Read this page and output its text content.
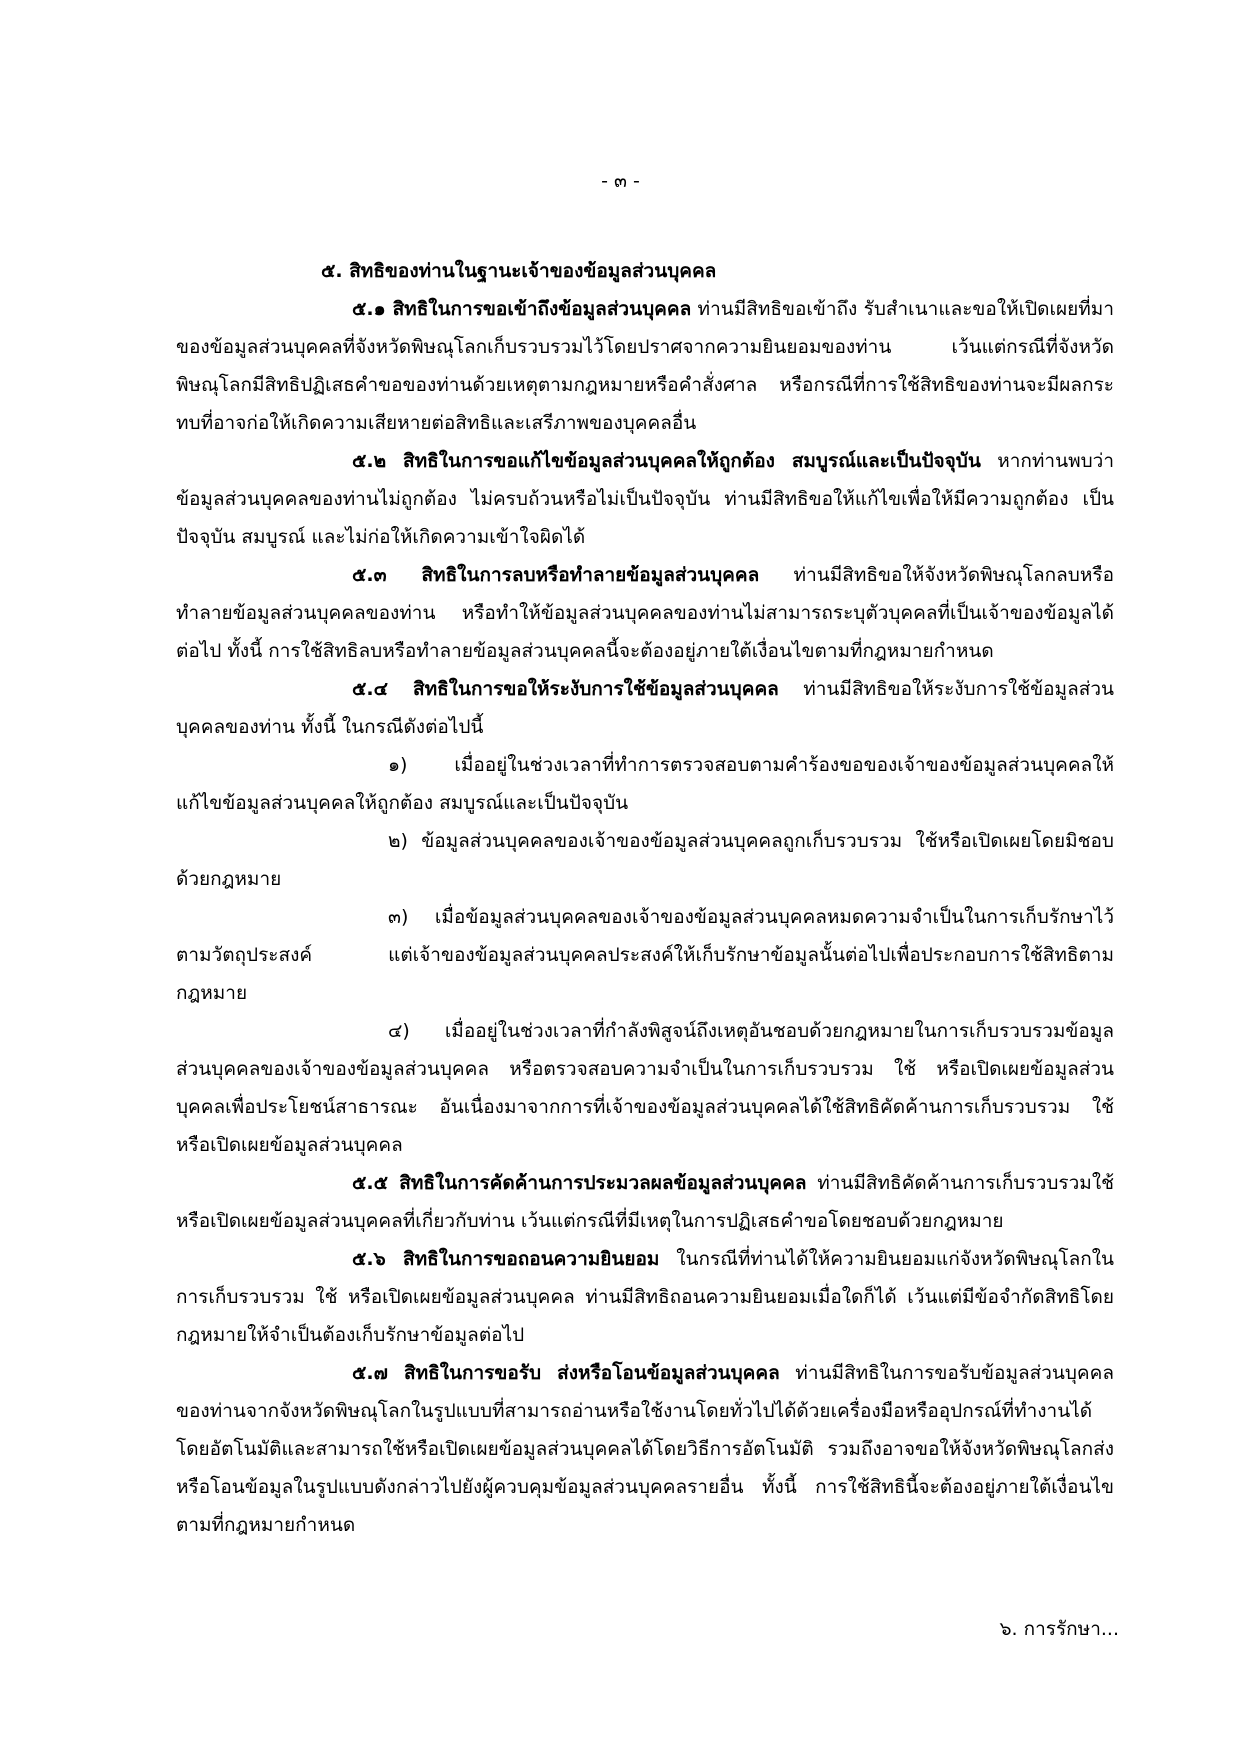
- ๓ -

๕. สิทธิของท่านในฐานะเจ้าของข้อมูลส่วนบุคคล

๕.๑ สิทธิในการขอเข้าถึงข้อมูลส่วนบุคคล ท่านมีสิทธิขอเข้าถึง รับสำเนาและขอให้เปิดเผยที่มาของข้อมูลส่วนบุคคลที่จังหวัดพิษณุโลกเก็บรวบรวมไว้โดยปราศจากความยินยอมของท่าน เว้นแต่กรณีที่จังหวัดพิษณุโลกมีสิทธิปฏิเสธคำขอของท่านด้วยเหตุตามกฎหมายหรือคำสั่งศาล หรือกรณีที่การใช้สิทธิของท่านจะมีผลกระทบที่อาจก่อให้เกิดความเสียหายต่อสิทธิและเสรีภาพของบุคคลอื่น

๕.๒ สิทธิในการขอแก้ไขข้อมูลส่วนบุคคลให้ถูกต้อง สมบูรณ์และเป็นปัจจุบัน หากท่านพบว่าข้อมูลส่วนบุคคลของท่านไม่ถูกต้อง ไม่ครบถ้วนหรือไม่เป็นปัจจุบัน ท่านมีสิทธิขอให้แก้ไขเพื่อให้มีความถูกต้อง เป็นปัจจุบัน สมบูรณ์ และไม่ก่อให้เกิดความเข้าใจผิดได้

๕.๓ สิทธิในการลบหรือทำลายข้อมูลส่วนบุคคล ท่านมีสิทธิขอให้จังหวัดพิษณุโลกลบหรือทำลายข้อมูลส่วนบุคคลของท่าน หรือทำให้ข้อมูลส่วนบุคคลของท่านไม่สามารถระบุตัวบุคคลที่เป็นเจ้าของข้อมูลได้ต่อไป ทั้งนี้ การใช้สิทธิลบหรือทำลายข้อมูลส่วนบุคคลนี้จะต้องอยู่ภายใต้เงื่อนไขตามที่กฎหมายกำหนด

๕.๔ สิทธิในการขอให้ระงับการใช้ข้อมูลส่วนบุคคล ท่านมีสิทธิขอให้ระงับการใช้ข้อมูลส่วนบุคคลของท่าน ทั้งนี้ ในกรณีดังต่อไปนี้

๑) เมื่ออยู่ในช่วงเวลาที่ทำการตรวจสอบตามคำร้องขอของเจ้าของข้อมูลส่วนบุคคลให้แก้ไขข้อมูลส่วนบุคคลให้ถูกต้อง สมบูรณ์และเป็นปัจจุบัน

๒) ข้อมูลส่วนบุคคลของเจ้าของข้อมูลส่วนบุคคลถูกเก็บรวบรวม ใช้หรือเปิดเผยโดยมิชอบด้วยกฎหมาย

๓) เมื่อข้อมูลส่วนบุคคลของเจ้าของข้อมูลส่วนบุคคลหมดความจำเป็นในการเก็บรักษาไว้ตามวัตถุประสงค์ แต่เจ้าของข้อมูลส่วนบุคคลประสงค์ให้เก็บรักษาข้อมูลนั้นต่อไปเพื่อประกอบการใช้สิทธิตามกฎหมาย

๔) เมื่ออยู่ในช่วงเวลาที่กำลังพิสูจน์ถึงเหตุอันชอบด้วยกฎหมายในการเก็บรวบรวมข้อมูลส่วนบุคคลของเจ้าของข้อมูลส่วนบุคคล หรือตรวจสอบความจำเป็นในการเก็บรวบรวม ใช้ หรือเปิดเผยข้อมูลส่วนบุคคลเพื่อประโยชน์สาธารณะ อันเนื่องมาจากการที่เจ้าของข้อมูลส่วนบุคคลได้ใช้สิทธิคัดค้านการเก็บรวบรวม ใช้ หรือเปิดเผยข้อมูลส่วนบุคคล

๕.๕ สิทธิในการคัดค้านการประมวลผลข้อมูลส่วนบุคคล ท่านมีสิทธิคัดค้านการเก็บรวบรวมใช้หรือเปิดเผยข้อมูลส่วนบุคคลที่เกี่ยวกับท่าน เว้นแต่กรณีที่มีเหตุในการปฏิเสธคำขอโดยชอบด้วยกฎหมาย

๕.๖ สิทธิในการขอถอนความยินยอม ในกรณีที่ท่านได้ให้ความยินยอมแก่จังหวัดพิษณุโลกในการเก็บรวบรวม ใช้ หรือเปิดเผยข้อมูลส่วนบุคคล ท่านมีสิทธิถอนความยินยอมเมื่อใดก็ได้ เว้นแต่มีข้อจำกัดสิทธิโดยกฎหมายให้จำเป็นต้องเก็บรักษาข้อมูลต่อไป

๕.๗ สิทธิในการขอรับ ส่งหรือโอนข้อมูลส่วนบุคคล ท่านมีสิทธิในการขอรับข้อมูลส่วนบุคคลของท่านจากจังหวัดพิษณุโลกในรูปแบบที่สามารถอ่านหรือใช้งานโดยทั่วไปได้ด้วยเครื่องมือหรืออุปกรณ์ที่ทำงานได้โดยอัตโนมัติและสามารถใช้หรือเปิดเผยข้อมูลส่วนบุคคลได้โดยวิธีการอัตโนมัติ รวมถึงอาจขอให้จังหวัดพิษณุโลกส่งหรือโอนข้อมูลในรูปแบบดังกล่าวไปยังผู้ควบคุมข้อมูลส่วนบุคคลรายอื่น ทั้งนี้ การใช้สิทธินี้จะต้องอยู่ภายใต้เงื่อนไขตามที่กฎหมายกำหนด

๖. การรักษา...
